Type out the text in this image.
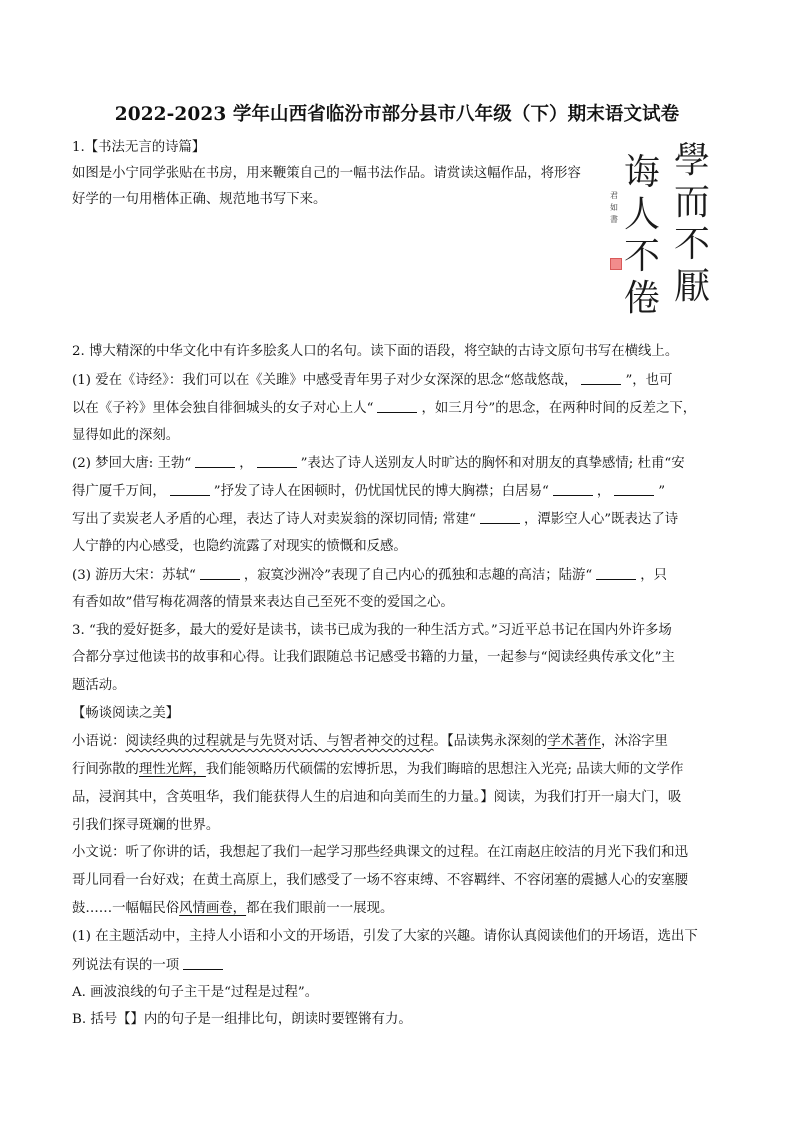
2022-2023 学年山西省临汾市部分县市八年级（下）期末语文试卷
1.【书法无言的诗篇】
如图是小宁同学张贴在书房，用来鞭策自己的一幅书法作品。请赏读这幅作品，将形容
好学的一句用楷体正确、规范地书写下来。
學
而
不
厭
诲
人
不
倦
君 如 書
2. 博大精深的中华文化中有许多脍炙人口的名句。读下面的语段，将空缺的古诗文原句书写在横线上。
(1) 爱在《诗经》：我们可以在《关雎》中感受青年男子对少女深深的思念“悠哉悠哉，	”，也可
以在《子衿》里体会独自徘徊城头的女子对心上人“	，如三月兮”的思念，在两种时间的反差之下，
显得如此的深刻。
(2) 梦回大唐: 王勃“	，	”表达了诗人送别友人时旷达的胸怀和对朋友的真挚感情; 杜甫“安
得广厦千万间，	”抒发了诗人在困顿时，仍忧国忧民的博大胸襟；白居易“	，	”
写出了卖炭老人矛盾的心理，表达了诗人对卖炭翁的深切同情; 常建“	，潭影空人心”既表达了诗
人宁静的内心感受，也隐约流露了对现实的愤慨和反感。
(3) 游历大宋：苏轼“	，寂寞沙洲冷”表现了自己内心的孤独和志趣的高洁；陆游“	，只
有香如故”借写梅花凋落的情景来表达自己至死不变的爱国之心。
3. “我的爱好挺多，最大的爱好是读书，读书已成为我的一种生活方式。”习近平总书记在国内外许多场
合都分享过他读书的故事和心得。让我们跟随总书记感受书籍的力量，一起参与“阅读经典传承文化”主
题活动。
【畅谈阅读之美】
小语说：阅读经典的过程就是与先贤对话、与智者神交的过程。【品读隽永深刻的学术著作，沐浴字里
行间弥散的理性光辉，我们能领略历代硕儒的宏博折思，为我们晦暗的思想注入光亮; 品读大师的文学作
品，浸润其中，含英咀华，我们能获得人生的启迪和向美而生的力量。】阅读，为我们打开一扇大门，吸
引我们探寻斑斓的世界。
小文说：听了你讲的话，我想起了我们一起学习那些经典课文的过程。在江南赵庄皎洁的月光下我们和迅
哥儿同看一台好戏；在黄土高原上，我们感受了一场不容束缚、不容羁绊、不容闭塞的震撼人心的安塞腰
鼓……一幅幅民俗风情画卷，都在我们眼前一一展现。
(1) 在主题活动中，主持人小语和小文的开场语，引发了大家的兴趣。请你认真阅读他们的开场语，选出下
列说法有误的一项
A. 画波浪线的句子主干是“过程是过程”。
B. 括号【】内的句子是一组排比句，朗读时要铿锵有力。
